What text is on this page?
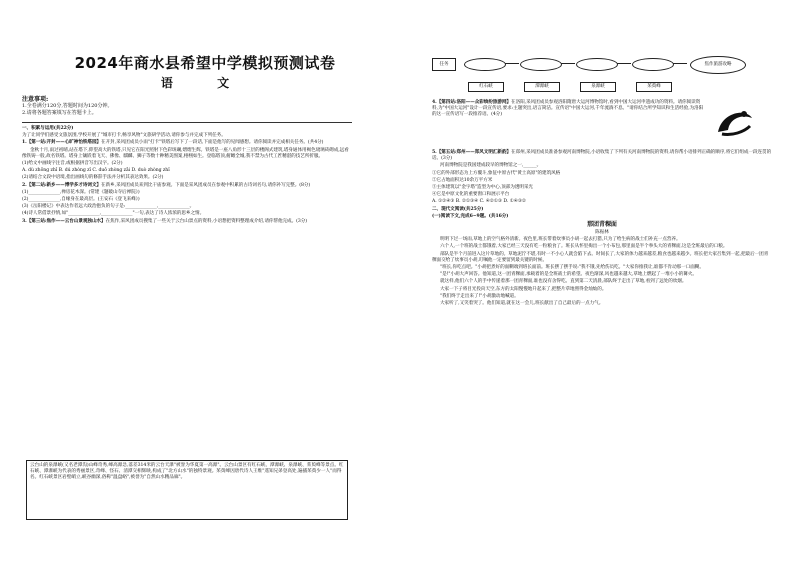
2024年商水县希望中学模拟预测试卷
语 文
注意事项:
1.全卷满分120分,答题时间为120分钟。
2.请将各题答案填写在答题卡上。

一、积累与运用(共22分)

为了让同学们感受文旅氛围,学校开展了"城市打卡,畅享风物"文旅研学活动,请你参与并完成下列任务。

1.【第一站:开封——心旷神怡铁塔园】在开封,采风团成员小雨"打卡"铁塔后写下了一段话,下面是他写的见闻感想。请你阅读并完成相关任务。(共4分)

金秋十月,雨过初晴,站在塔下,仰望高大的铁塔,只见它在阳光照射下色彩斑斓,熠熠生辉。铁塔是一座八角形十三层的楼阁式建筑,塔身通体用褐色琉璃砖砌成,远看像铁铸一般,故名铁塔。塔身上镶嵌着飞天、佛像、麒麟、狮子等数十种精美图案,栩栩如生。登临塔顶,俯瞰全城,我不禁为古代工匠精湛的技艺所折服。

(1)给文中画线字注音,或根据拼音写出汉字。(2分)

A. dù zhōng zhǐ B. dú zhòng zǐ C. duǒ zhòng zǎi D. duò zhòng zhǐ

(2)请结合文段中语境,指出画线句的修辞手法并分析其表达效果。(2分)

2.【第二站:新乡——博学多才诗词文】在新乡,采风团成员来到比干庙参观。下面是采风团成员在参观中积累的古诗词名句,请你补写完整。(8分)

(1)______________,禅房花木深。(常建《题破山寺后禅院》)

(2)______________,自缘身在最高层。(王安石《登飞来峰》)

(3)《岳阳楼记》中表达作者远大政治抱负的句子是:______________,______________。

(4)诗人常借景抒情,如"______________,______________"一句,表达了诗人浓浓的思乡之情。

3.【第三站:焦作——云台山景观独山水】在焦作,采风团成员搜集了一些关于云台山景点的资料,小语想把资料整理成介绍,请你帮他完成。(3分)

云台山的泉瀑峡(又名老潭沟)山峰奇秀,峰高瀑急,落差314米的云台天瀑"被誉为华夏第一高瀑"。云台山景区有红石峡、潭瀑峡、泉瀑峡、茱萸峰等景点。红石峡、潭瀑峡为代表的秀丽景区,奇峰、怪石、清潭交相辉映,构成了"北方山水"的独特景观。茱萸峰因唐代诗人王维"遥知兄弟登高处,遍插茱萸少一人"而得名。红石峡景区岩壁峭立,峡谷幽深,俗称"温盘峪",被誉为"自然山水精品廊"。
任务	焦作旅游攻略
红石峡	潭瀑峡	泉瀑峡	茱萸峰

4.【第四站:洛阳——众彩缤纷旅游网】在洛阳,采风团成员参观洛阳隋唐大运河博物馆时,看到中国大运河申遗成功的资料。请你阅读资料,为"中国大运河"设计一段宣传语,要求:主题突出,语言简洁。宣传语"中国大运河,千年流淌不息。"请你结合所学知识和生活经验,为洛阳的这一宣传语写一段推荐语。(4分)

5.【第五站:郑州——郑风文明汇新韵】在郑州,采风团成员准备参观河南博物院,小语收集了下列有关河南博物院的资料,请你帮小语排列正确的顺序,将它们组成一段连贯的话。(3分)

河南博物院是我国建成较早的博物馆之一,______。

①它的外部形态为上方覆斗,象征中原古代"黄土高原"的建筑风格

②它占地面积达10余万平方米

③主体建筑以"金字塔"造型为中心,顶部为透明采光

④它是中原文化的重要窗口和展示平台

A. ①②④③ B. ②①③④ C. ④②①③ D. ①④③②

二、现代文阅读(共25分)

(一)阅读下文,完成6~9题。(共16分)

那团青稞面

陈振林

明明下过一场雨,草地上的空气格外清新。夜色里,班长带着炊事员小胡一起去打猎,只为了给生病的战士们补充一点营养。

六个人,一个班的战士都饿着,大家已经三天没有吃一粒粮食了。班长从怀里掏出一个小布包,那里面是半个拳头大的青稞面,这是全班最后的口粮。

部队是半个月前进入这片草地的。草地泥泞不堪,有时一不小心人就会陷下去。时间长了,大家的体力越来越差,粮食也越来越少。班长把大家召集到一起,把最后一团青稞面交给了炊事员小胡,叮嘱他一定要留到最关键的时候。

"班长,你吃点吧。"小胡把煮好的面糊端到班长面前。班长摆了摆手说:"我不饿,先给伤员吃。"大家你推我让,谁都不肯动那一口面糊。

"是!"小胡大声回答。他知道,这一团青稞面,承载着的是全班战士的希望。夜色渐深,风也越来越大,草地上燃起了一堆小小的篝火。

就这样,他们六个人的手中传递着那一团青稞面,谁也没有舍得吃。直到第二天清晨,部队终于走出了草地,看到了远处的炊烟。

大家一下子将目光投向天空,东方的太阳慢慢地升起来了,把整片草地照得金灿灿的。

"我们终于走出来了!"小胡激动地喊道。

大家听了,又笑着哭了。他们知道,就在这一会儿,班长献出了自己最后的一点力气。
